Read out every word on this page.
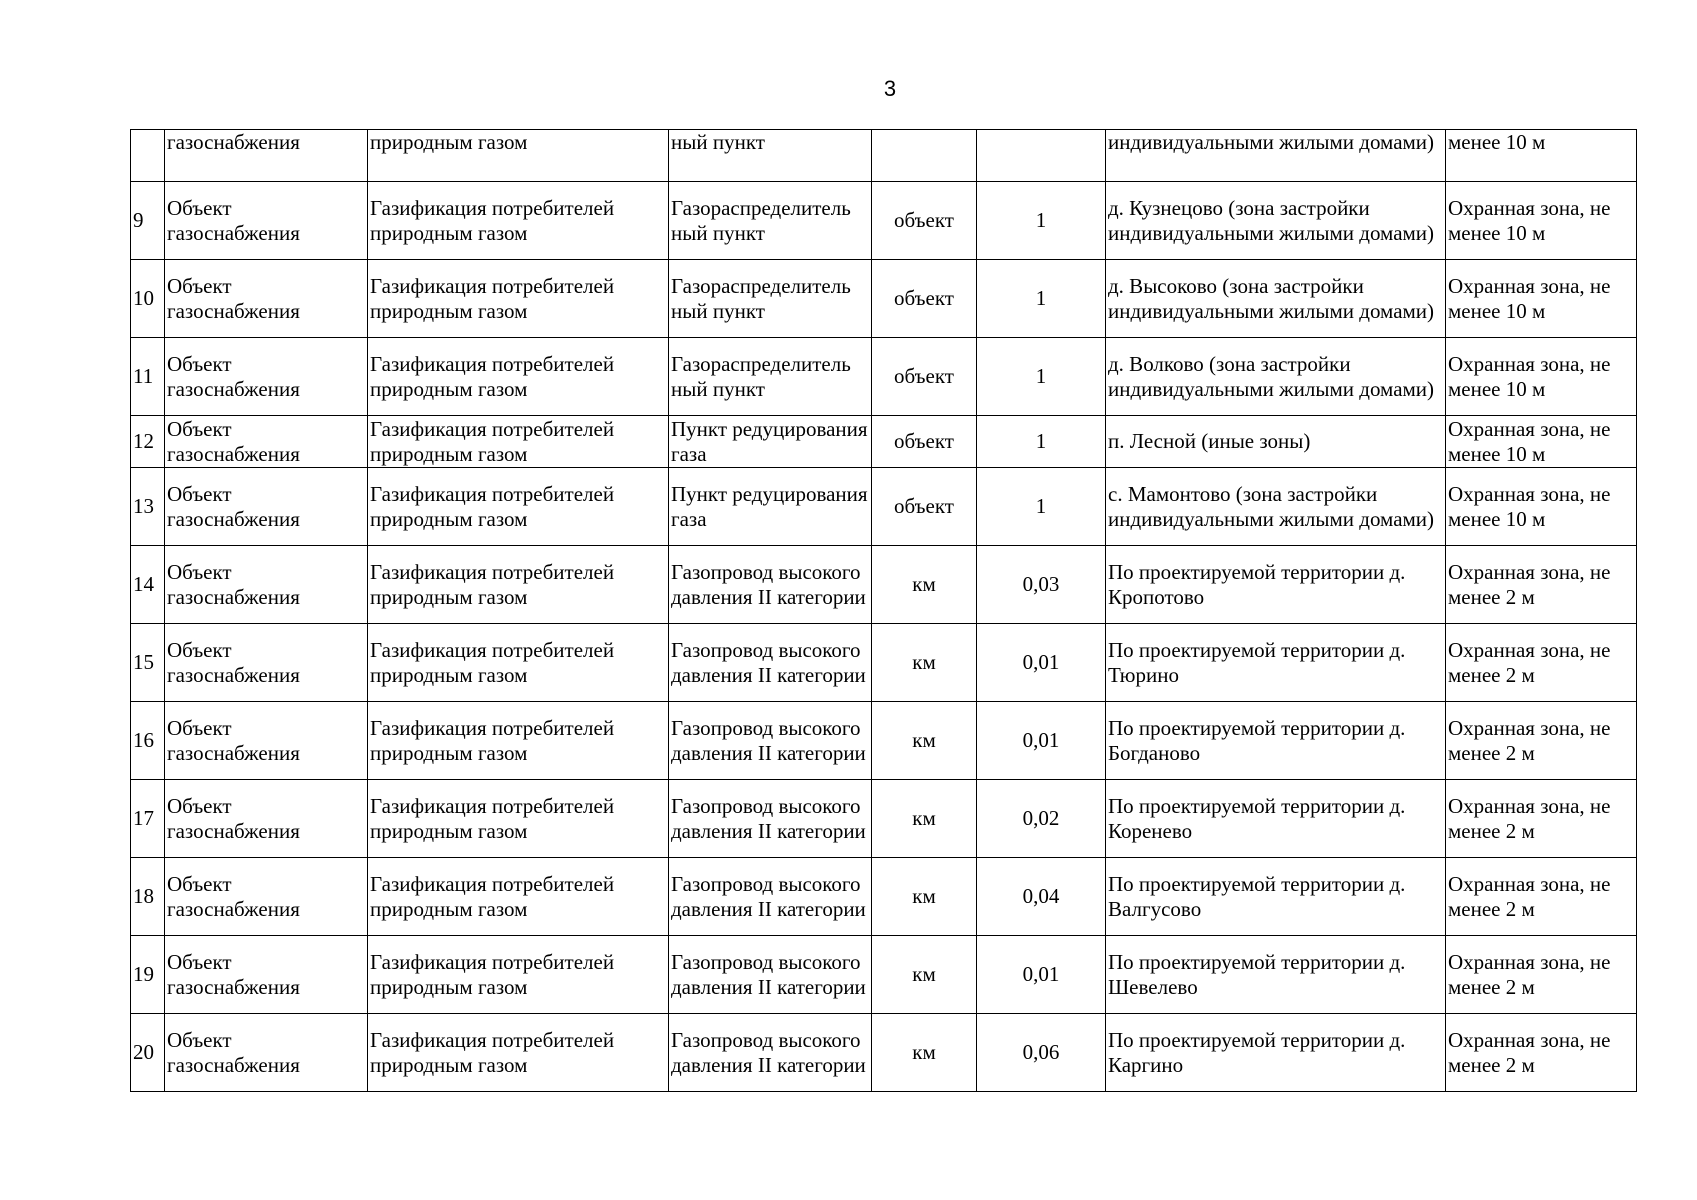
3
	газоснабжения	природным газом	ный пункт			индивидуальными жилыми домами)	менее 10 м
9	Объект газоснабжения	Газификация потребителей природным газом	Газораспределитель ный пункт	объект	1	д. Кузнецово (зона застройки индивидуальными жилыми домами)	Охранная зона, не менее 10 м
10	Объект газоснабжения	Газификация потребителей природным газом	Газораспределитель ный пункт	объект	1	д. Высоково (зона застройки индивидуальными жилыми домами)	Охранная зона, не менее 10 м
11	Объект газоснабжения	Газификация потребителей природным газом	Газораспределитель ный пункт	объект	1	д. Волково (зона застройки индивидуальными жилыми домами)	Охранная зона, не менее 10 м
12	Объект газоснабжения	Газификация потребителей природным газом	Пункт редуцирования газа	объект	1	п. Лесной (иные зоны)	Охранная зона, не менее 10 м
13	Объект газоснабжения	Газификация потребителей природным газом	Пункт редуцирования газа	объект	1	с. Мамонтово (зона застройки индивидуальными жилыми домами)	Охранная зона, не менее 10 м
14	Объект газоснабжения	Газификация потребителей природным газом	Газопровод высокого давления II категории	км	0,03	По проектируемой территории д. Кропотово	Охранная зона, не менее 2 м
15	Объект газоснабжения	Газификация потребителей природным газом	Газопровод высокого давления II категории	км	0,01	По проектируемой территории д. Тюрино	Охранная зона, не менее 2 м
16	Объект газоснабжения	Газификация потребителей природным газом	Газопровод высокого давления II категории	км	0,01	По проектируемой территории д. Богданово	Охранная зона, не менее 2 м
17	Объект газоснабжения	Газификация потребителей природным газом	Газопровод высокого давления II категории	км	0,02	По проектируемой территории д. Коренево	Охранная зона, не менее 2 м
18	Объект газоснабжения	Газификация потребителей природным газом	Газопровод высокого давления II категории	км	0,04	По проектируемой территории д. Валгусово	Охранная зона, не менее 2 м
19	Объект газоснабжения	Газификация потребителей природным газом	Газопровод высокого давления II категории	км	0,01	По проектируемой территории д. Шевелево	Охранная зона, не менее 2 м
20	Объект газоснабжения	Газификация потребителей природным газом	Газопровод высокого давления II категории	км	0,06	По проектируемой территории д. Каргино	Охранная зона, не менее 2 м
